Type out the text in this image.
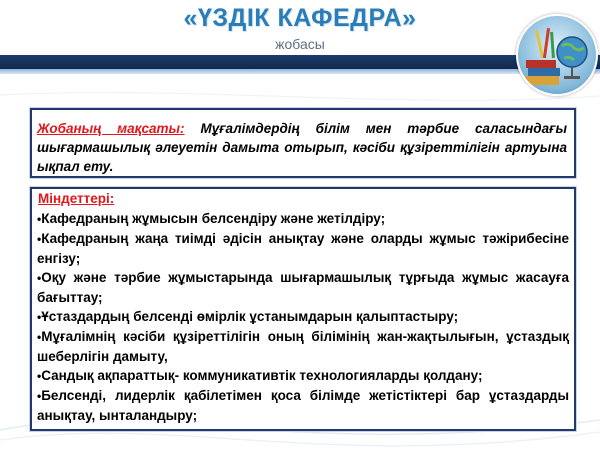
«ҮЗДІК КАФЕДРА»
жобасы
Жобаның мақсаты: Мұғалімдердің білім мен тәрбие саласындағы шығармашылық әлеуетін дамыта отырып, кәсіби құзіреттілігін артуына ықпал ету.
Міндеттері:
•Кафедраның жұмысын белсендіру және жетілдіру;
•Кафедраның жаңа тиімді әдісін анықтау және оларды жұмыс тәжірибесіне енгізу;
•Оқу және тәрбие жұмыстарында шығармашылық тұрғыда жұмыс жасауға бағыттау;
•Ұстаздардың белсенді өмірлік ұстанымдарын қалыптастыру;
•Мұғалімнің кәсіби құзіреттілігін оның білімінің жан-жақтылығын, ұстаздық шеберлігін дамыту,
•Сандық ақпараттық- коммуникативтік технологияларды қолдану;
•Белсенді, лидерлік қабілетімен қоса білімде жетістіктері бар ұстаздарды анықтау, ынталандыру;
